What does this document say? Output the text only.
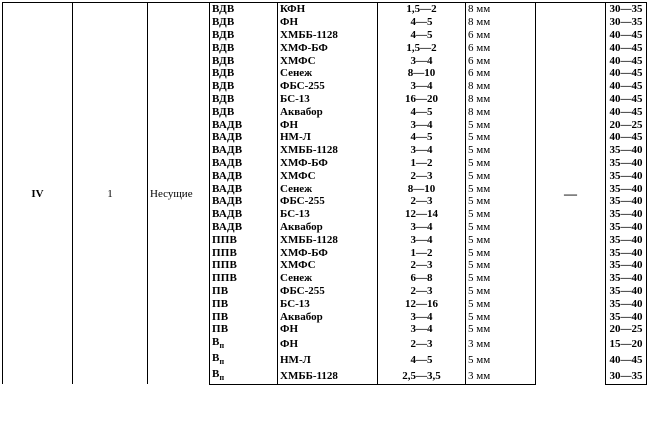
IV	1	Несущие	ВДВ	КФН	1,5—2	8 мм	—	30—35
			ВДВ	ФН	4—5	8 мм		30—35
			ВДВ	ХМББ-1128	4—5	6 мм		40—45
			ВДВ	ХМФ-БФ	1,5—2	6 мм		40—45
			ВДВ	ХМФС	3—4	6 мм		40—45
			ВДВ	Сенеж	8—10	6 мм		40—45
			ВДВ	ФБС-255	3—4	8 мм		40—45
			ВДВ	БС-13	16—20	8 мм		40—45
			ВДВ	Аквабор	4—5	8 мм		40—45
			ВАДВ	ФН	3—4	5 мм		20—25
			ВАДВ	НМ-Л	4—5	5 мм		40—45
			ВАДВ	ХМББ-1128	3—4	5 мм		35—40
			ВАДВ	ХМФ-БФ	1—2	5 мм		35—40
			ВАДВ	ХМФС	2—3	5 мм		35—40
			ВАДВ	Сенеж	8—10	5 мм		35—40
			ВАДВ	ФБС-255	2—3	5 мм		35—40
			ВАДВ	БС-13	12—14	5 мм		35—40
			ВАДВ	Аквабор	3—4	5 мм		35—40
			ППВ	ХМББ-1128	3—4	5 мм		35—40
			ППВ	ХМФ-БФ	1—2	5 мм		35—40
			ППВ	ХМФС	2—3	5 мм		35—40
			ППВ	Сенеж	6—8	5 мм		35—40
			ПВ	ФБС-255	2—3	5 мм		35—40
			ПВ	БС-13	12—16	5 мм		35—40
			ПВ	Аквабор	3—4	5 мм		35—40
			ПВ	ФН	3—4	5 мм		20—25
			$В_п$	ФН	2—3	3 мм		15—20
			$В_п$	НМ-Л	4—5	5 мм		40—45
			$В_п$	ХМББ-1128	2,5—3,5	3 мм		30—35
